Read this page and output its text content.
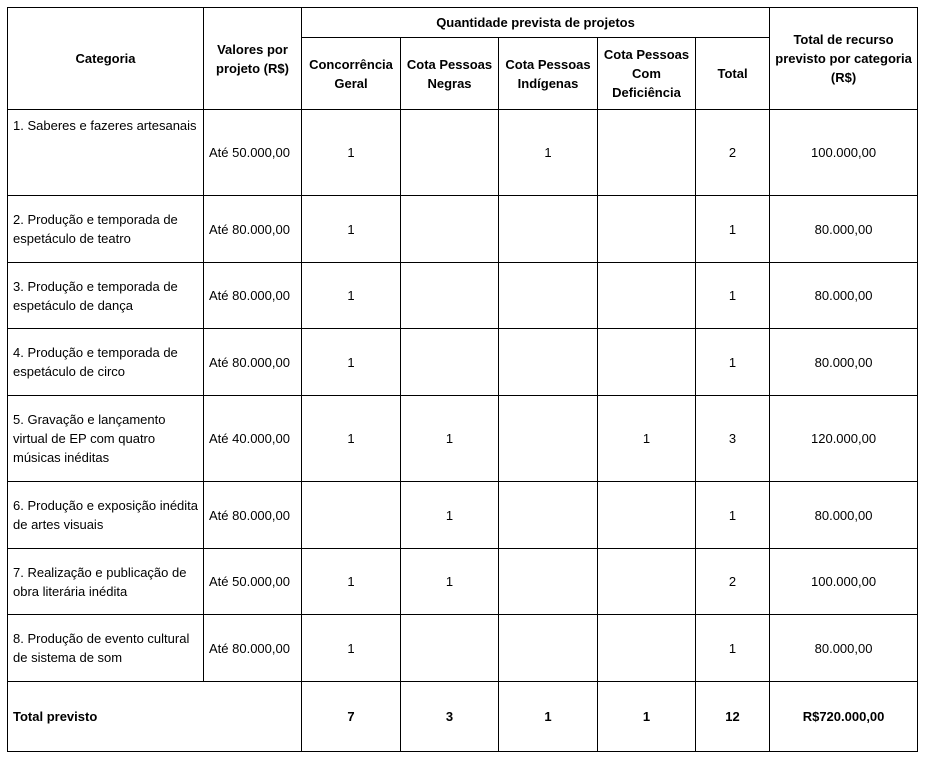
Categoria	Valores por projeto (R$)	Quantidade prevista de projetos					Total de recurso previsto por categoria (R$)
		Concorrência Geral	Cota Pessoas Negras	Cota Pessoas Indígenas	Cota Pessoas Com Deficiência	Total	
1. Saberes e fazeres artesanais	Até 50.000,00	1		1		2	100.000,00
2. Produção e temporada de espetáculo de teatro	Até 80.000,00	1				1	80.000,00
3. Produção e temporada de espetáculo de dança	Até 80.000,00	1				1	80.000,00
4. Produção e temporada de espetáculo de circo	Até 80.000,00	1				1	80.000,00
5. Gravação e lançamento virtual de EP com quatro músicas inéditas	Até 40.000,00	1	1		1	3	120.000,00
6. Produção e exposição inédita de artes visuais	Até 80.000,00		1			1	80.000,00
7. Realização e publicação de obra literária inédita	Até 50.000,00	1	1			2	100.000,00
8. Produção de evento cultural de sistema de som	Até 80.000,00	1				1	80.000,00
Total previsto		7	3	1	1	12	R$720.000,00
